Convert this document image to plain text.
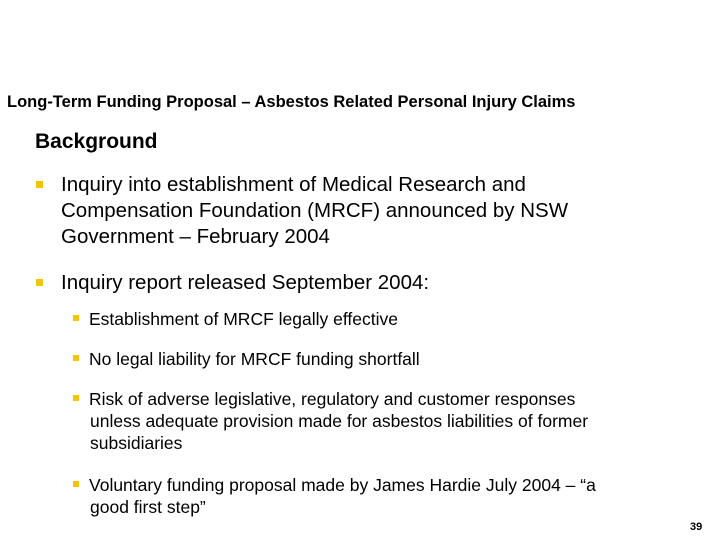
Long-Term Funding Proposal – Asbestos Related Personal Injury Claims
Background
Inquiry into establishment of Medical Research and
Compensation Foundation (MRCF) announced by NSW
Government – February 2004
Inquiry report released September 2004:
Establishment of MRCF legally effective
No legal liability for MRCF funding shortfall
Risk of adverse legislative, regulatory and customer responses
unless adequate provision made for asbestos liabilities of former
subsidiaries
Voluntary funding proposal made by James Hardie July 2004 – “a
good first step”
39
